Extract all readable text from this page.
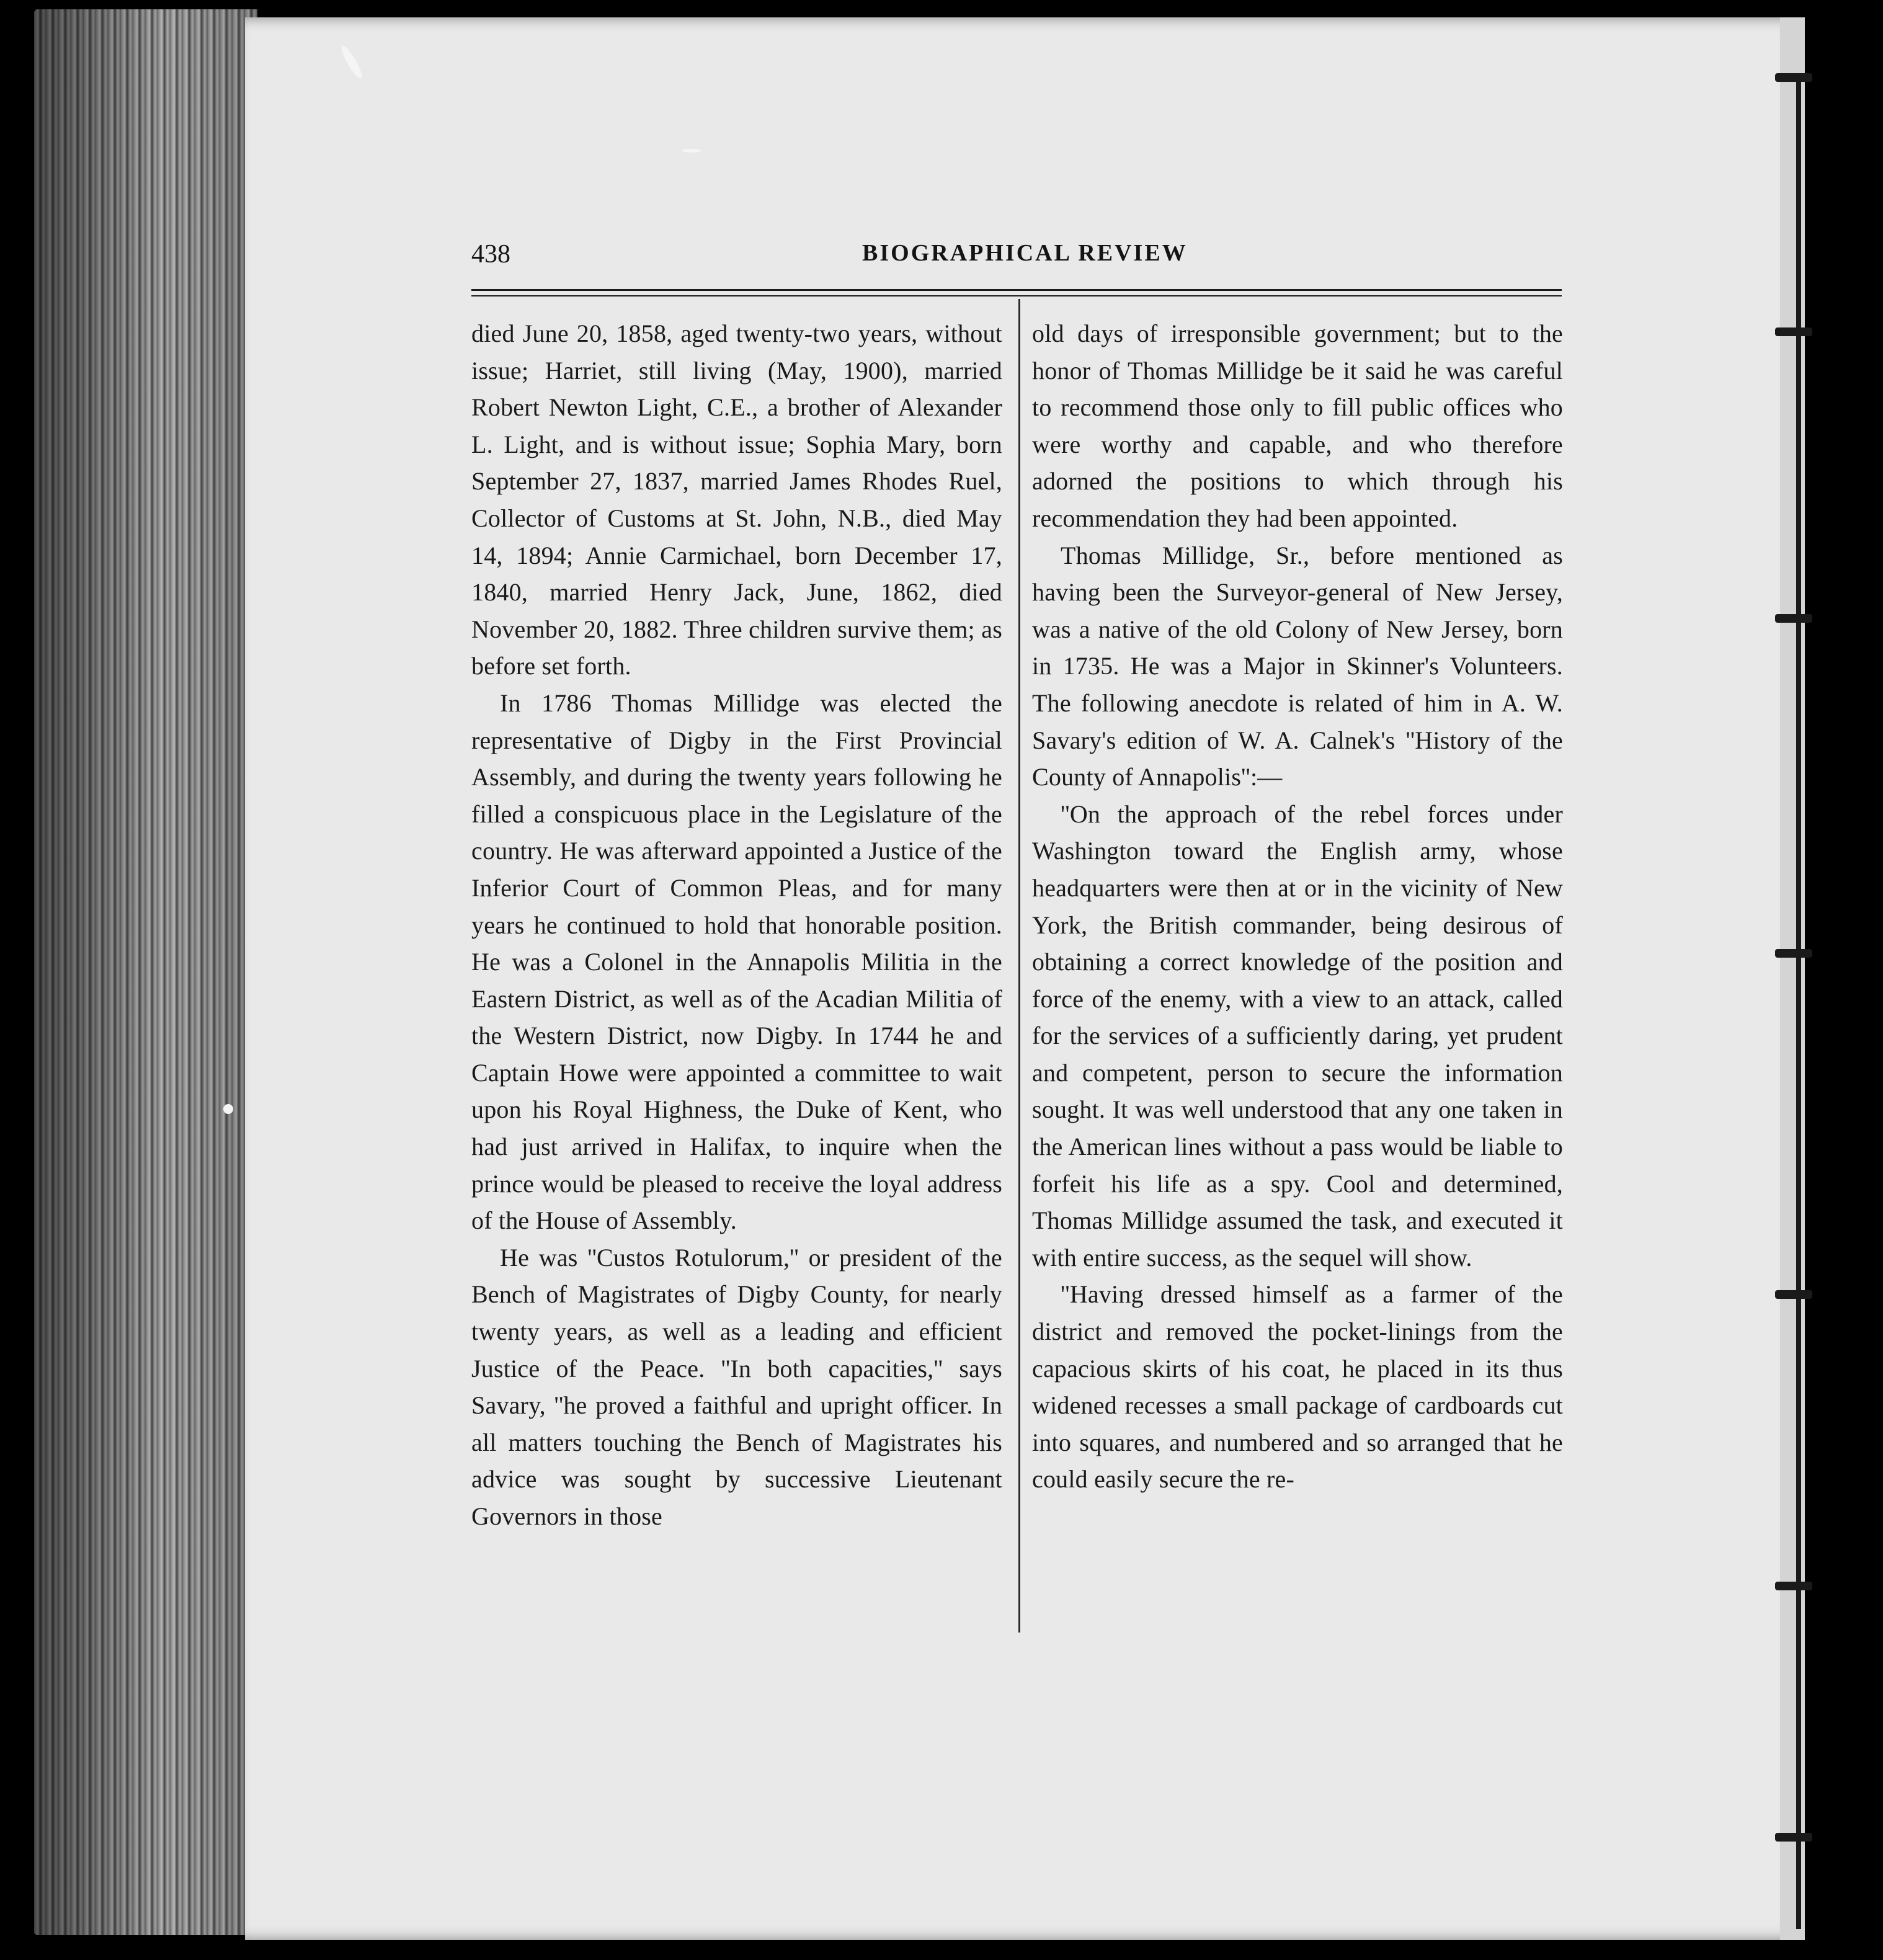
438	BIOGRAPHICAL REVIEW

died June 20, 1858, aged twenty-two years, without issue; Harriet, still living (May, 1900), married Robert Newton Light, C.E., a brother of Alexander L. Light, and is without issue; Sophia Mary, born September 27, 1837, married James Rhodes Ruel, Collector of Customs at St. John, N.B., died May 14, 1894; Annie Carmichael, born December 17, 1840, married Henry Jack, June, 1862, died November 20, 1882. Three children survive them; as before set forth.

In 1786 Thomas Millidge was elected the representative of Digby in the First Provincial Assembly, and during the twenty years following he filled a conspicuous place in the Legislature of the country. He was afterward appointed a Justice of the Inferior Court of Common Pleas, and for many years he continued to hold that honorable position. He was a Colonel in the Annapolis Militia in the Eastern District, as well as of the Acadian Militia of the Western District, now Digby. In 1744 he and Captain Howe were appointed a committee to wait upon his Royal Highness, the Duke of Kent, who had just arrived in Halifax, to inquire when the prince would be pleased to receive the loyal address of the House of Assembly.

He was ''Custos Rotulorum,'' or president of the Bench of Magistrates of Digby County, for nearly twenty years, as well as a leading and efficient Justice of the Peace. ''In both capacities,'' says Savary, ''he proved a faithful and upright officer. In all matters touching the Bench of Magistrates his advice was sought by successive Lieutenant Governors in those

old days of irresponsible government; but to the honor of Thomas Millidge be it said he was careful to recommend those only to fill public offices who were worthy and capable, and who therefore adorned the positions to which through his recommendation they had been appointed.

Thomas Millidge, Sr., before mentioned as having been the Surveyor-general of New Jersey, was a native of the old Colony of New Jersey, born in 1735. He was a Major in Skinner's Volunteers. The following anecdote is related of him in A. W. Savary's edition of W. A. Calnek's ''History of the County of Annapolis'':—

''On the approach of the rebel forces under Washington toward the English army, whose headquarters were then at or in the vicinity of New York, the British commander, being desirous of obtaining a correct knowledge of the position and force of the enemy, with a view to an attack, called for the services of a sufficiently daring, yet prudent and competent, person to secure the information sought. It was well understood that any one taken in the American lines without a pass would be liable to forfeit his life as a spy. Cool and determined, Thomas Millidge assumed the task, and executed it with entire success, as the sequel will show.

''Having dressed himself as a farmer of the district and removed the pocket-linings from the capacious skirts of his coat, he placed in its thus widened recesses a small package of cardboards cut into squares, and numbered and so arranged that he could easily secure the re-
